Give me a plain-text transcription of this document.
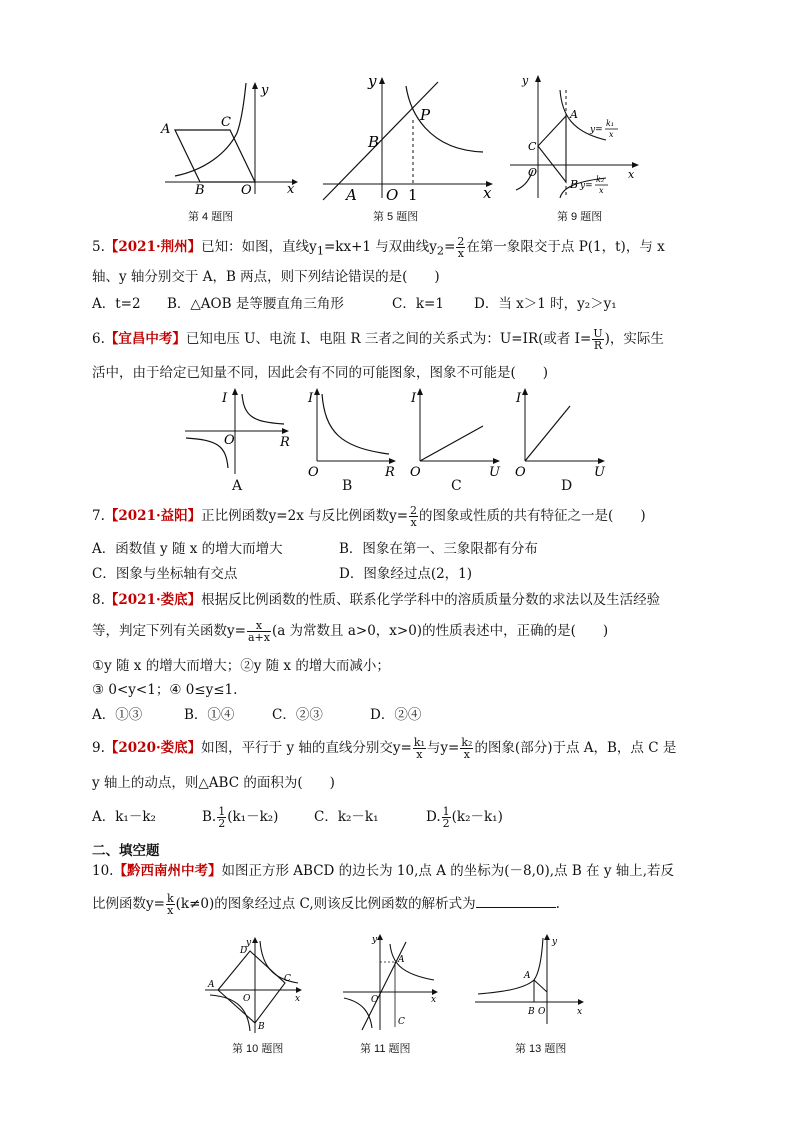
A	C
B	O	x
y
第 4 题图
y
x
B
A O
P
1
第 5 题图
y
x
A
C
O
B
y=
k₁
x
y=
k₂
x
第 9 题图
5.【2021·荆州】已知：如图，直线$y_1=kx+1$ 与双曲线$y_2= \frac{2}{x}$ 在第一象限交于点 P(1，t)，与 x
轴、y 轴分别交于 A，B 两点，则下列结论错误的是(　　)
A．t=2 B．△AOB 是等腰直角三角形	C．k=1 D．当 x＞1 时，y₂＞y₁
6.【宜昌中考】已知电压 U、电流 I、电阻 R 三者之间的关系式为：U=IR(或者 $I= \frac{U}{R}$ )，实际生
活中，由于给定已知量不同，因此会有不同的可能图象，图象不可能是(　　)
I
O	R
A
I
O	R
B
I
O	U
C
I
O	U
D
7.【2021·益阳】正比例函数y=2x 与反比例函数$y= \frac{2}{x}$ 的图象或性质的共有特征之一是(　　)
A．函数值 y 随 x 的增大而增大	B．图象在第一、三象限都有分布
C．图象与坐标轴有交点	D．图象经过点(2，1)
8.【2021·娄底】根据反比例函数的性质、联系化学学科中的溶质质量分数的求法以及生活经验
等，判定下列有关函数$y= \frac{x}{a+x} (a$ 为常数且 a>0，x>0)的性质表述中，正确的是(　　)
①y 随 x 的增大而增大；②y 随 x 的增大而减小；
③ 0<y<1；④ 0≤y≤1.
A．①③	B．①④	C．②③	D．②④
9.【2020·娄底】如图，平行于 y 轴的直线分别交$y= \frac{\text{k₁}}{x}$ 与$y= \frac{\text{k₂}}{x}$ 的图象(部分)于点 A，B，点 C 是
y 轴上的动点，则△ABC 的面积为(　　)
A．k₁－k₂	B. $\frac{1}{2} (k_1-k_2)$	C．k₂－k₁	D. $\frac{1}{2} (k_2-k_1)$
二、填空题
10.【黔西南州中考】如图正方形 ABCD 的边长为 10,点 A 的坐标为(－8,0),点 B 在 y 轴上,若反
比例函数$y= \frac{k}{x} (k\ne 0)$的图象经过点 C,则该反比例函数的解析式为	.
y
x
D
A
O
C
B
第 10 题图
y
x
A
O
C
第 11 题图
y
x
A
B O
第 13 题图
